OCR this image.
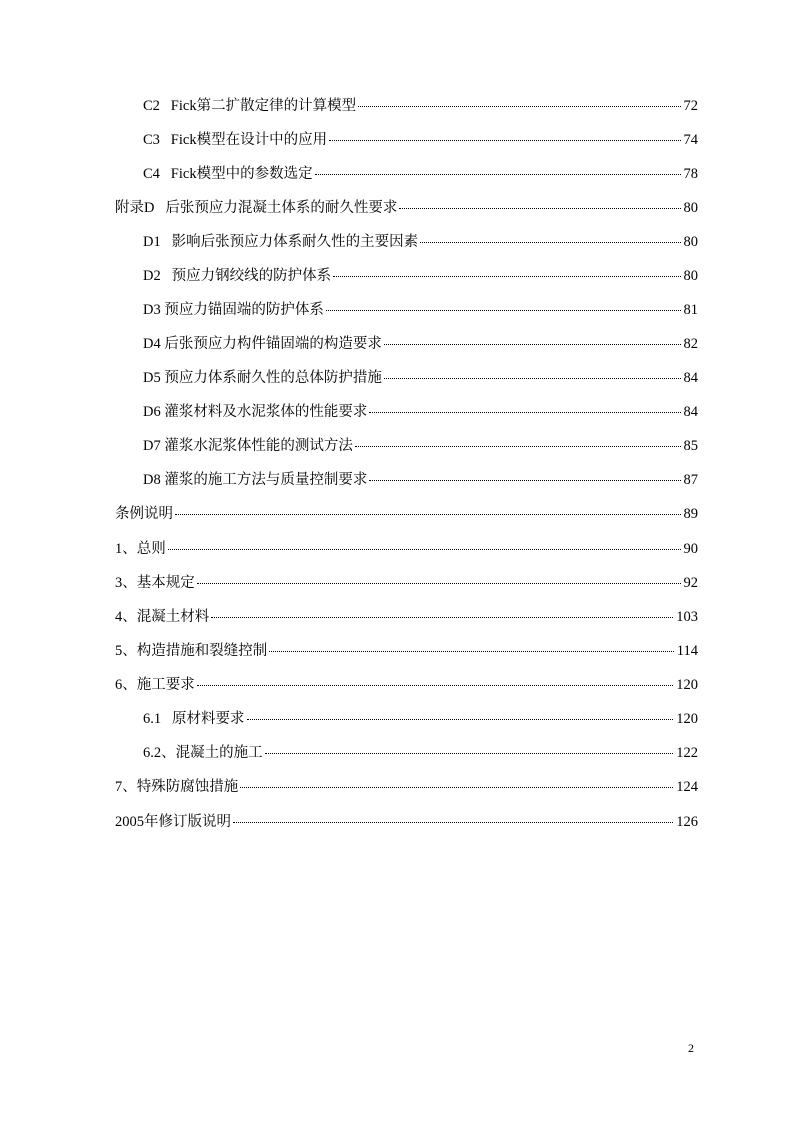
C2   Fick第二扩散定律的计算模型	72
C3   Fick模型在设计中的应用	74
C4   Fick模型中的参数选定	78
附录D   后张预应力混凝土体系的耐久性要求	80
D1   影响后张预应力体系耐久性的主要因素	80
D2   预应力钢绞线的防护体系	80
D3 预应力锚固端的防护体系	81
D4 后张预应力构件锚固端的构造要求	82
D5 预应力体系耐久性的总体防护措施	84
D6 灌浆材料及水泥浆体的性能要求	84
D7 灌浆水泥浆体性能的测试方法	85
D8 灌浆的施工方法与质量控制要求	87
条例说明	89
1、总则	90
3、基本规定	92
4、混凝土材料	103
5、构造措施和裂缝控制	114
6、施工要求	120
6.1   原材料要求	120
6.2、混凝土的施工	122
7、特殊防腐蚀措施	124
2005年修订版说明	126
2
